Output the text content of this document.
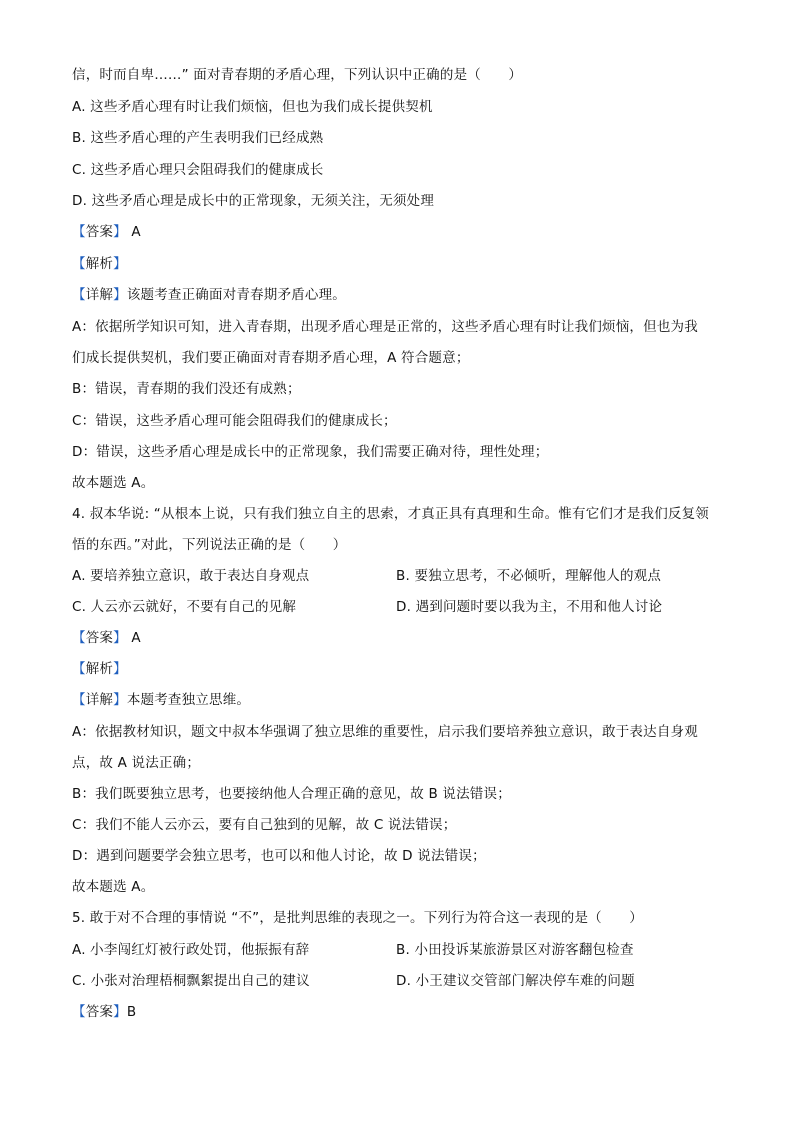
信，时而自卑……” 面对青春期的矛盾心理，下列认识中正确的是（　　）
A. 这些矛盾心理有时让我们烦恼，但也为我们成长提供契机
B. 这些矛盾心理的产生表明我们已经成熟
C. 这些矛盾心理只会阻碍我们的健康成长
D. 这些矛盾心理是成长中的正常现象，无须关注，无须处理
【答案】 A
【解析】
【详解】该题考查正确面对青春期矛盾心理。
A：依据所学知识可知，进入青春期，出现矛盾心理是正常的，这些矛盾心理有时让我们烦恼，但也为我
们成长提供契机，我们要正确面对青春期矛盾心理，A 符合题意；
B：错误，青春期的我们没还有成熟；
C：错误，这些矛盾心理可能会阻碍我们的健康成长；
D：错误，这些矛盾心理是成长中的正常现象，我们需要正确对待，理性处理；
故本题选 A。
4. 叔本华说: “从根本上说，只有我们独立自主的思索，才真正具有真理和生命。惟有它们才是我们反复领
悟的东西。”对此，下列说法正确的是（　　）
A. 要培养独立意识，敢于表达自身观点	B. 要独立思考，不必倾听，理解他人的观点
C. 人云亦云就好，不要有自己的见解	D. 遇到问题时要以我为主，不用和他人讨论
【答案】 A
【解析】
【详解】本题考查独立思维。
A：依据教材知识，题文中叔本华强调了独立思维的重要性，启示我们要培养独立意识，敢于表达自身观
点，故 A 说法正确；
B：我们既要独立思考，也要接纳他人合理正确的意见，故 B 说法错误；
C：我们不能人云亦云，要有自己独到的见解，故 C 说法错误；
D：遇到问题要学会独立思考，也可以和他人讨论，故 D 说法错误；
故本题选 A。
5. 敢于对不合理的事情说 “不”，是批判思维的表现之一。下列行为符合这一表现的是（　　）
A. 小李闯红灯被行政处罚，他振振有辞	B. 小田投诉某旅游景区对游客翻包检查
C. 小张对治理梧桐飘絮提出自己的建议	D. 小王建议交管部门解决停车难的问题
【答案】B
